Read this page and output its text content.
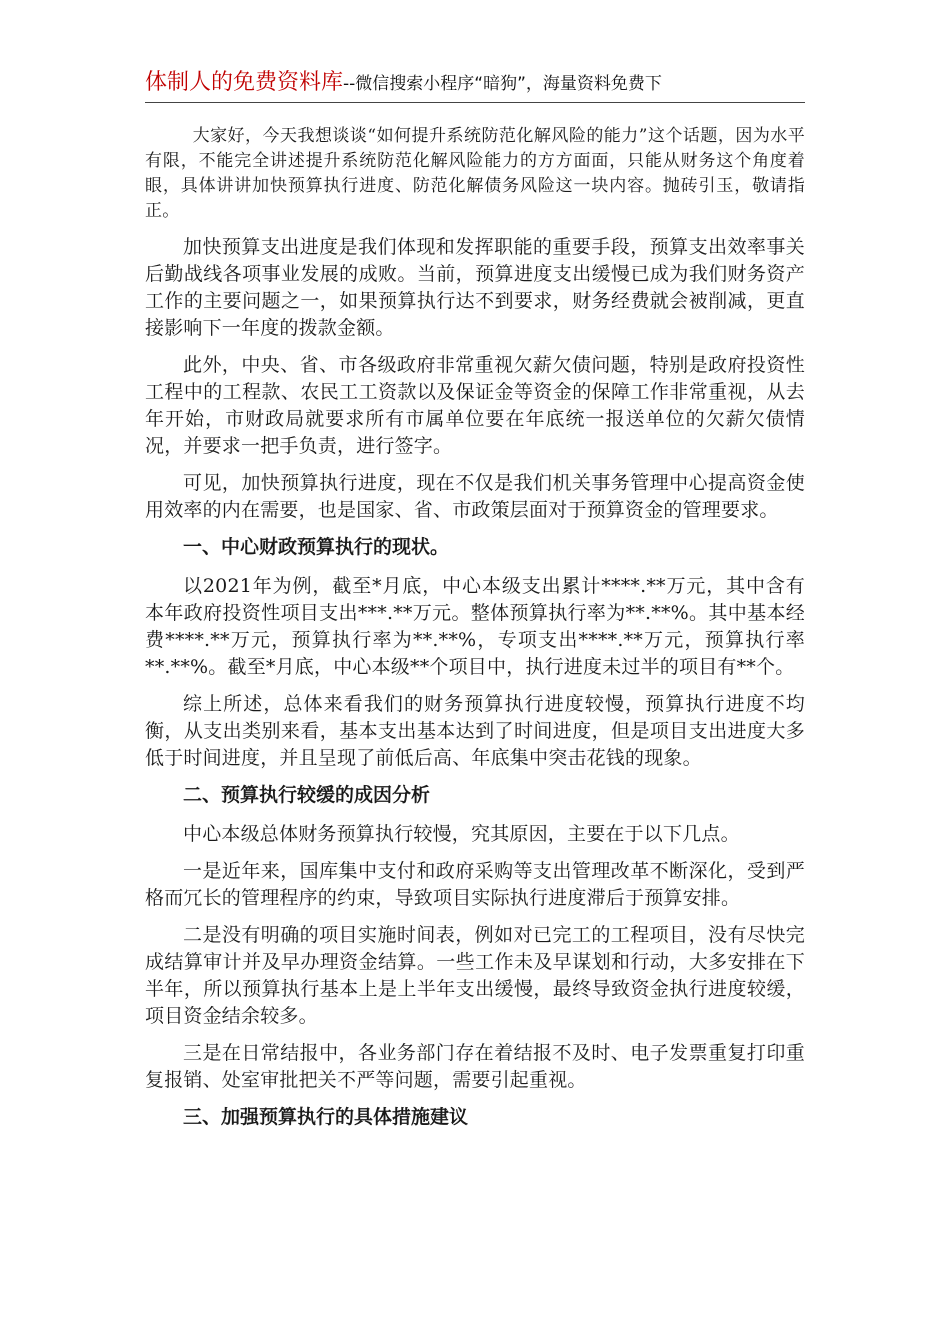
体制人的免费资料库--微信搜索小程序“暗狗”，海量资料免费下

大家好，今天我想谈谈“如何提升系统防范化解风险的能力”这个话题，因为水平有限，不能完全讲述提升系统防范化解风险能力的方方面面，只能从财务这个角度着眼，具体讲讲加快预算执行进度、防范化解债务风险这一块内容。抛砖引玉，敬请指正。

加快预算支出进度是我们体现和发挥职能的重要手段，预算支出效率事关后勤战线各项事业发展的成败。当前，预算进度支出缓慢已成为我们财务资产工作的主要问题之一，如果预算执行达不到要求，财务经费就会被削减，更直接影响下一年度的拨款金额。

此外，中央、省、市各级政府非常重视欠薪欠债问题，特别是政府投资性工程中的工程款、农民工工资款以及保证金等资金的保障工作非常重视，从去年开始，市财政局就要求所有市属单位要在年底统一报送单位的欠薪欠债情况，并要求一把手负责，进行签字。

可见，加快预算执行进度，现在不仅是我们机关事务管理中心提高资金使用效率的内在需要，也是国家、省、市政策层面对于预算资金的管理要求。

一、中心财政预算执行的现状。

以2021年为例，截至*月底，中心本级支出累计****.**万元，其中含有本年政府投资性项目支出***.**万元。整体预算执行率为**.**%。其中基本经费****.**万元，预算执行率为**.**%，专项支出****.**万元，预算执行率**.**%。截至*月底，中心本级**个项目中，执行进度未过半的项目有**个。

综上所述，总体来看我们的财务预算执行进度较慢，预算执行进度不均衡，从支出类别来看，基本支出基本达到了时间进度，但是项目支出进度大多低于时间进度，并且呈现了前低后高、年底集中突击花钱的现象。

二、预算执行较缓的成因分析

中心本级总体财务预算执行较慢，究其原因，主要在于以下几点。

一是近年来，国库集中支付和政府采购等支出管理改革不断深化，受到严格而冗长的管理程序的约束，导致项目实际执行进度滞后于预算安排。

二是没有明确的项目实施时间表，例如对已完工的工程项目，没有尽快完成结算审计并及早办理资金结算。一些工作未及早谋划和行动，大多安排在下半年，所以预算执行基本上是上半年支出缓慢，最终导致资金执行进度较缓，项目资金结余较多。

三是在日常结报中，各业务部门存在着结报不及时、电子发票重复打印重复报销、处室审批把关不严等问题，需要引起重视。

三、加强预算执行的具体措施建议
